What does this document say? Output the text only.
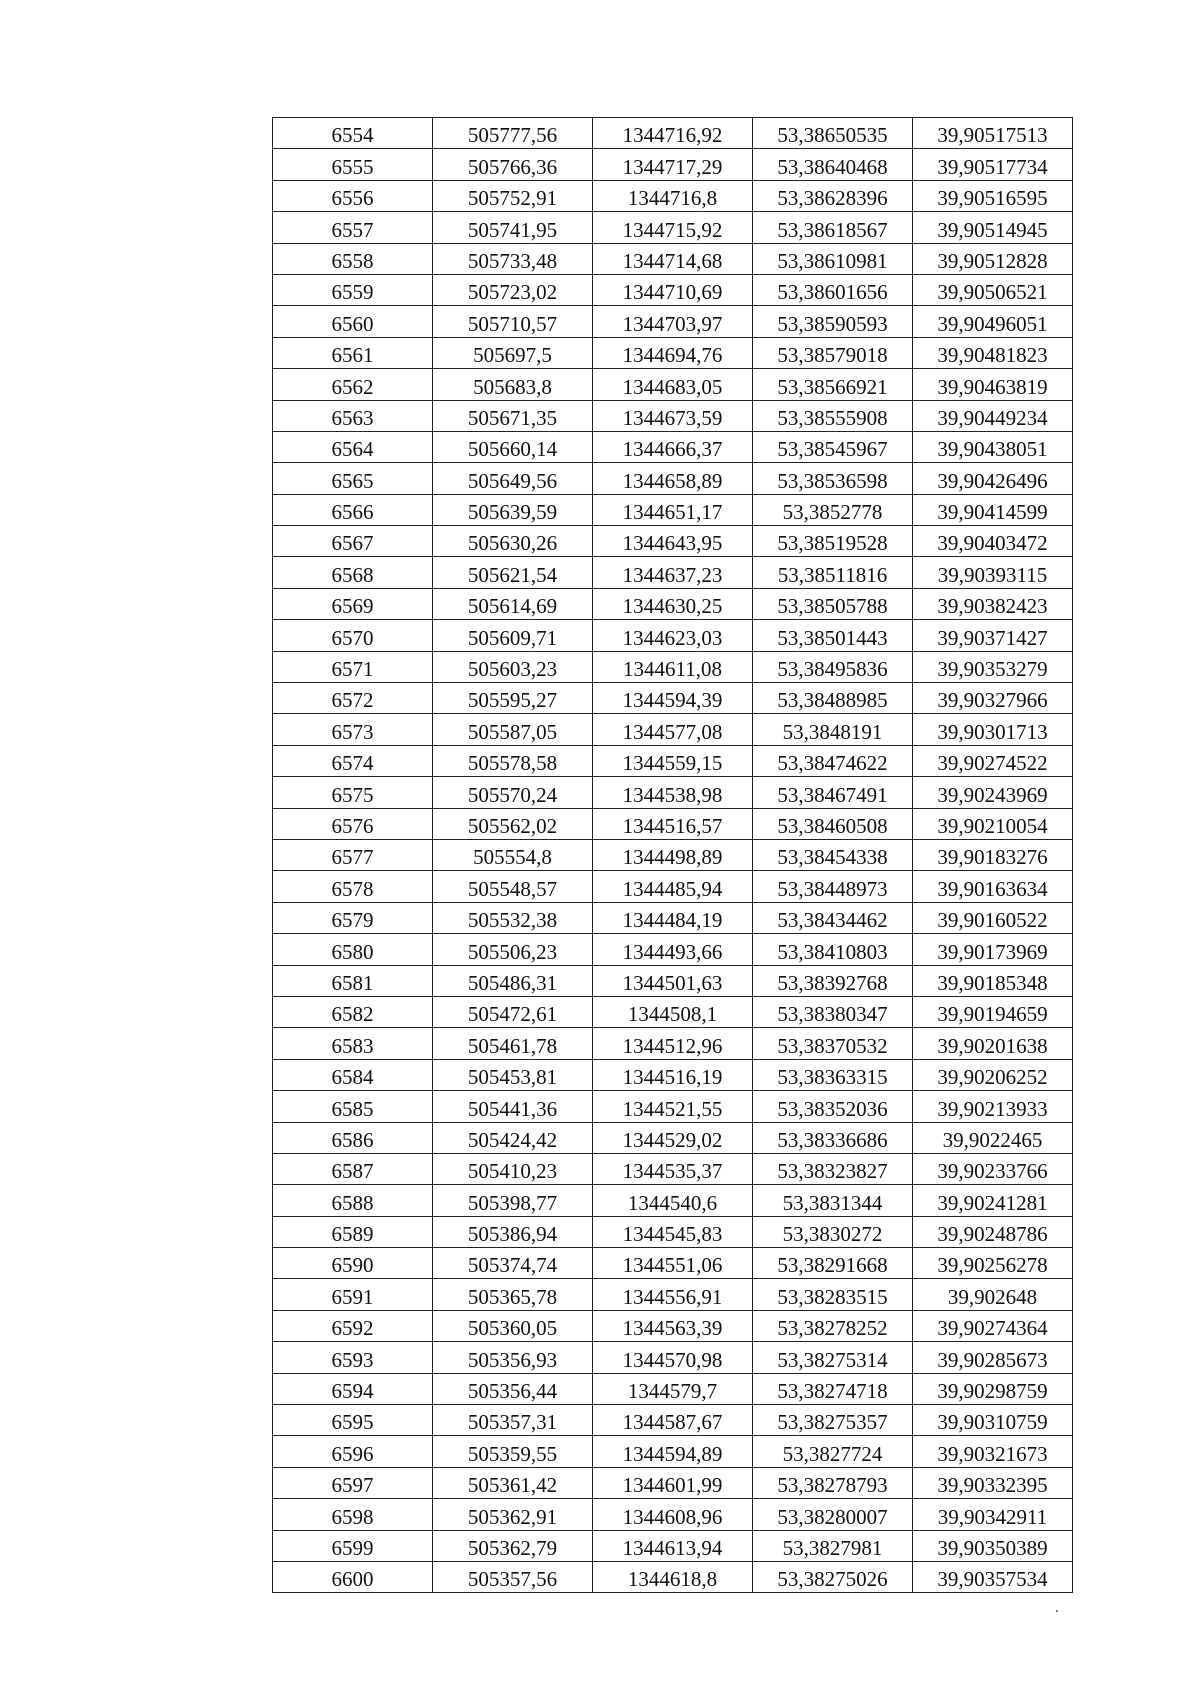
6554	505777,56	1344716,92	53,38650535	39,90517513
6555	505766,36	1344717,29	53,38640468	39,90517734
6556	505752,91	1344716,8	53,38628396	39,90516595
6557	505741,95	1344715,92	53,38618567	39,90514945
6558	505733,48	1344714,68	53,38610981	39,90512828
6559	505723,02	1344710,69	53,38601656	39,90506521
6560	505710,57	1344703,97	53,38590593	39,90496051
6561	505697,5	1344694,76	53,38579018	39,90481823
6562	505683,8	1344683,05	53,38566921	39,90463819
6563	505671,35	1344673,59	53,38555908	39,90449234
6564	505660,14	1344666,37	53,38545967	39,90438051
6565	505649,56	1344658,89	53,38536598	39,90426496
6566	505639,59	1344651,17	53,3852778	39,90414599
6567	505630,26	1344643,95	53,38519528	39,90403472
6568	505621,54	1344637,23	53,38511816	39,90393115
6569	505614,69	1344630,25	53,38505788	39,90382423
6570	505609,71	1344623,03	53,38501443	39,90371427
6571	505603,23	1344611,08	53,38495836	39,90353279
6572	505595,27	1344594,39	53,38488985	39,90327966
6573	505587,05	1344577,08	53,3848191	39,90301713
6574	505578,58	1344559,15	53,38474622	39,90274522
6575	505570,24	1344538,98	53,38467491	39,90243969
6576	505562,02	1344516,57	53,38460508	39,90210054
6577	505554,8	1344498,89	53,38454338	39,90183276
6578	505548,57	1344485,94	53,38448973	39,90163634
6579	505532,38	1344484,19	53,38434462	39,90160522
6580	505506,23	1344493,66	53,38410803	39,90173969
6581	505486,31	1344501,63	53,38392768	39,90185348
6582	505472,61	1344508,1	53,38380347	39,90194659
6583	505461,78	1344512,96	53,38370532	39,90201638
6584	505453,81	1344516,19	53,38363315	39,90206252
6585	505441,36	1344521,55	53,38352036	39,90213933
6586	505424,42	1344529,02	53,38336686	39,9022465
6587	505410,23	1344535,37	53,38323827	39,90233766
6588	505398,77	1344540,6	53,3831344	39,90241281
6589	505386,94	1344545,83	53,3830272	39,90248786
6590	505374,74	1344551,06	53,38291668	39,90256278
6591	505365,78	1344556,91	53,38283515	39,902648
6592	505360,05	1344563,39	53,38278252	39,90274364
6593	505356,93	1344570,98	53,38275314	39,90285673
6594	505356,44	1344579,7	53,38274718	39,90298759
6595	505357,31	1344587,67	53,38275357	39,90310759
6596	505359,55	1344594,89	53,3827724	39,90321673
6597	505361,42	1344601,99	53,38278793	39,90332395
6598	505362,91	1344608,96	53,38280007	39,90342911
6599	505362,79	1344613,94	53,3827981	39,90350389
6600	505357,56	1344618,8	53,38275026	39,90357534
